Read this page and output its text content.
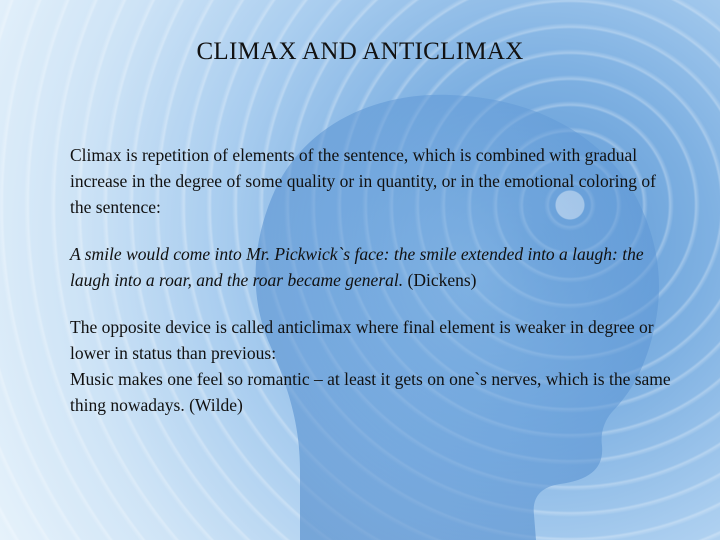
CLIMAX AND ANTICLIMAX

Climax is repetition of elements of the sentence, which is combined with gradual increase in the degree of some quality or in quantity, or in the emotional coloring of the sentence:

A smile would come into Mr. Pickwick`s face: the smile extended into a laugh: the laugh into a roar, and the roar became general. (Dickens)

The opposite device is called anticlimax where final element is weaker in degree or lower in status than previous:

Music makes one feel so romantic – at least it gets on one`s nerves, which is the same thing nowadays. (Wilde)
